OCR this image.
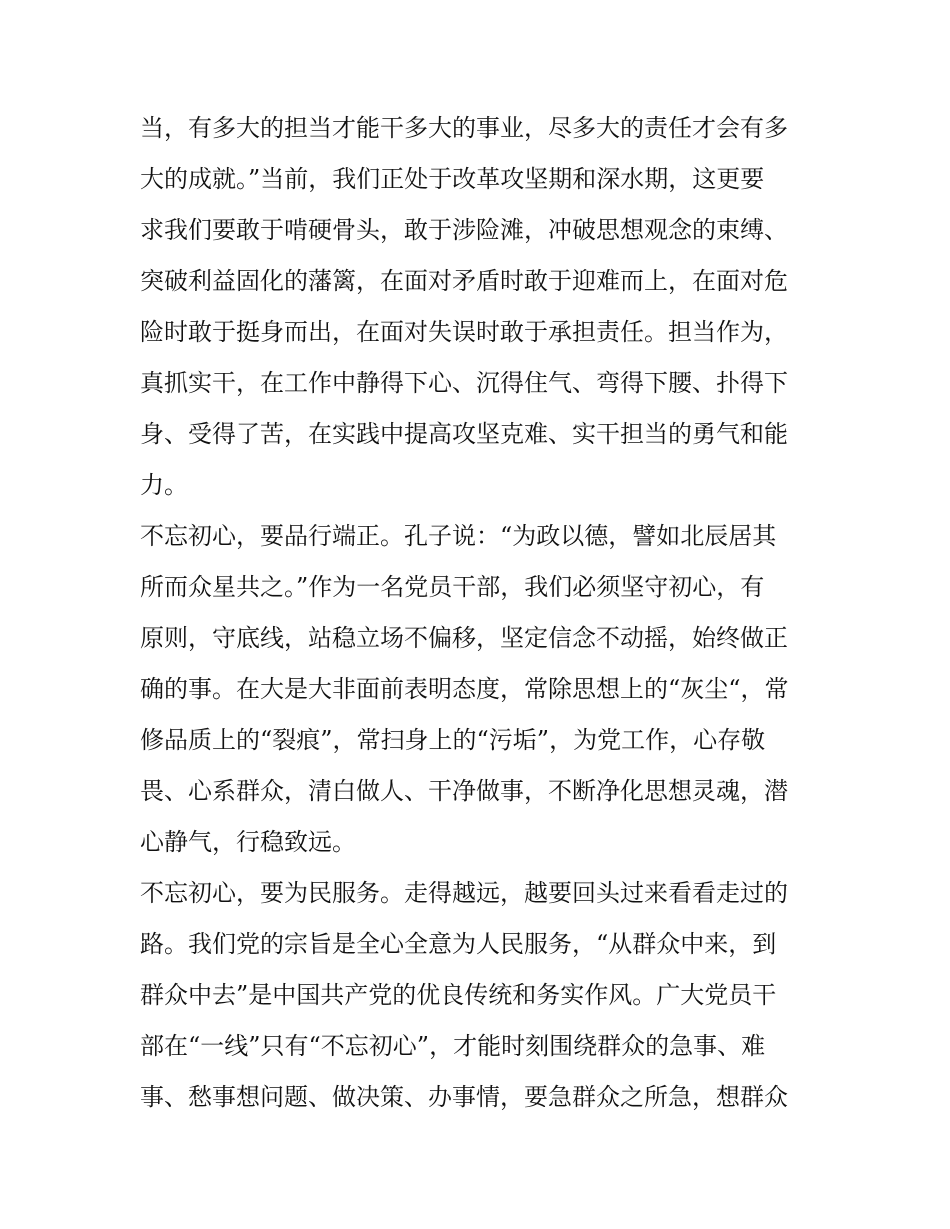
当，有多大的担当才能干多大的事业，尽多大的责任才会有多
大的成就。”当前，我们正处于改革攻坚期和深水期，这更要
求我们要敢于啃硬骨头，敢于涉险滩，冲破思想观念的束缚、
突破利益固化的藩篱，在面对矛盾时敢于迎难而上，在面对危
险时敢于挺身而出，在面对失误时敢于承担责任。担当作为，
真抓实干，在工作中静得下心、沉得住气、弯得下腰、扑得下
身、受得了苦，在实践中提高攻坚克难、实干担当的勇气和能
力。
不忘初心，要品行端正。孔子说：“为政以德，譬如北辰居其
所而众星共之。”作为一名党员干部，我们必须坚守初心，有
原则，守底线，站稳立场不偏移，坚定信念不动摇，始终做正
确的事。在大是大非面前表明态度，常除思想上的“灰尘“，常
修品质上的“裂痕”，常扫身上的“污垢”，为党工作，心存敬
畏、心系群众，清白做人、干净做事，不断净化思想灵魂，潜
心静气，行稳致远。
不忘初心，要为民服务。走得越远，越要回头过来看看走过的
路。我们党的宗旨是全心全意为人民服务，“从群众中来，到
群众中去”是中国共产党的优良传统和务实作风。广大党员干
部在“一线”只有“不忘初心”，才能时刻围绕群众的急事、难
事、愁事想问题、做决策、办事情，要急群众之所急，想群众
